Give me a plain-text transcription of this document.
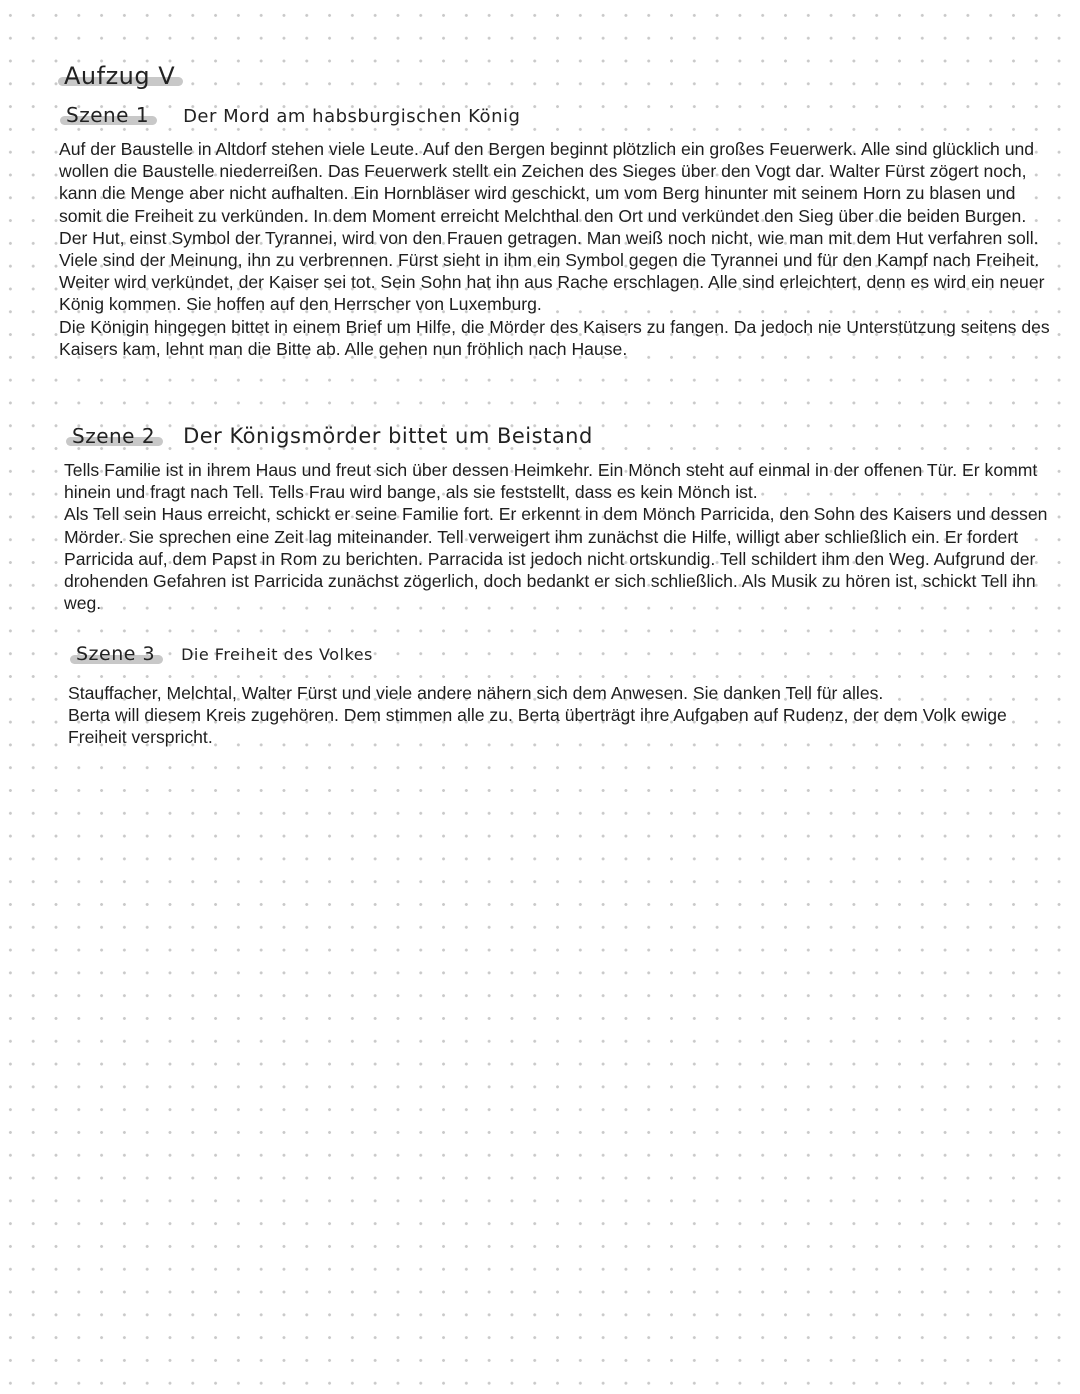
Aufzug V
Szene 1 Der Mord am habsburgischen König

Auf der Baustelle in Altdorf stehen viele Leute. Auf den Bergen beginnt plötzlich ein großes Feuerwerk. Alle sind glücklich und wollen die Baustelle niederreißen. Das Feuerwerk stellt ein Zeichen des Sieges über den Vogt dar. Walter Fürst zögert noch, kann die Menge aber nicht aufhalten. Ein Hornbläser wird geschickt, um vom Berg hinunter mit seinem Horn zu blasen und somit die Freiheit zu verkünden. In dem Moment erreicht Melchthal den Ort und verkündet den Sieg über die beiden Burgen.
Der Hut, einst Symbol der Tyrannei, wird von den Frauen getragen. Man weiß noch nicht, wie man mit dem Hut verfahren soll. Viele sind der Meinung, ihn zu verbrennen. Fürst sieht in ihm ein Symbol gegen die Tyrannei und für den Kampf nach Freiheit. Weiter wird verkündet, der Kaiser sei tot. Sein Sohn hat ihn aus Rache erschlagen. Alle sind erleichtert, denn es wird ein neuer König kommen. Sie hoffen auf den Herrscher von Luxemburg.
Die Königin hingegen bittet in einem Brief um Hilfe, die Mörder des Kaisers zu fangen. Da jedoch nie Unterstützung seitens des Kaisers kam, lehnt man die Bitte ab. Alle gehen nun fröhlich nach Hause.

Szene 2 Der Königsmörder bittet um Beistand

Tells Familie ist in ihrem Haus und freut sich über dessen Heimkehr. Ein Mönch steht auf einmal in der offenen Tür. Er kommt hinein und fragt nach Tell. Tells Frau wird bange, als sie feststellt, dass es kein Mönch ist.
Als Tell sein Haus erreicht, schickt er seine Familie fort. Er erkennt in dem Mönch Parricida, den Sohn des Kaisers und dessen Mörder. Sie sprechen eine Zeit lag miteinander. Tell verweigert ihm zunächst die Hilfe, willigt aber schließlich ein. Er fordert Parricida auf, dem Papst in Rom zu berichten. Parracida ist jedoch nicht ortskundig. Tell schildert ihm den Weg. Aufgrund der drohenden Gefahren ist Parricida zunächst zögerlich, doch bedankt er sich schließlich. Als Musik zu hören ist, schickt Tell ihn weg.

Szene 3 Die Freiheit des Volkes

Stauffacher, Melchtal, Walter Fürst und viele andere nähern sich dem Anwesen. Sie danken Tell für alles.
Berta will diesem Kreis zugehören. Dem stimmen alle zu. Berta überträgt ihre Aufgaben auf Rudenz, der dem Volk ewige Freiheit verspricht.
